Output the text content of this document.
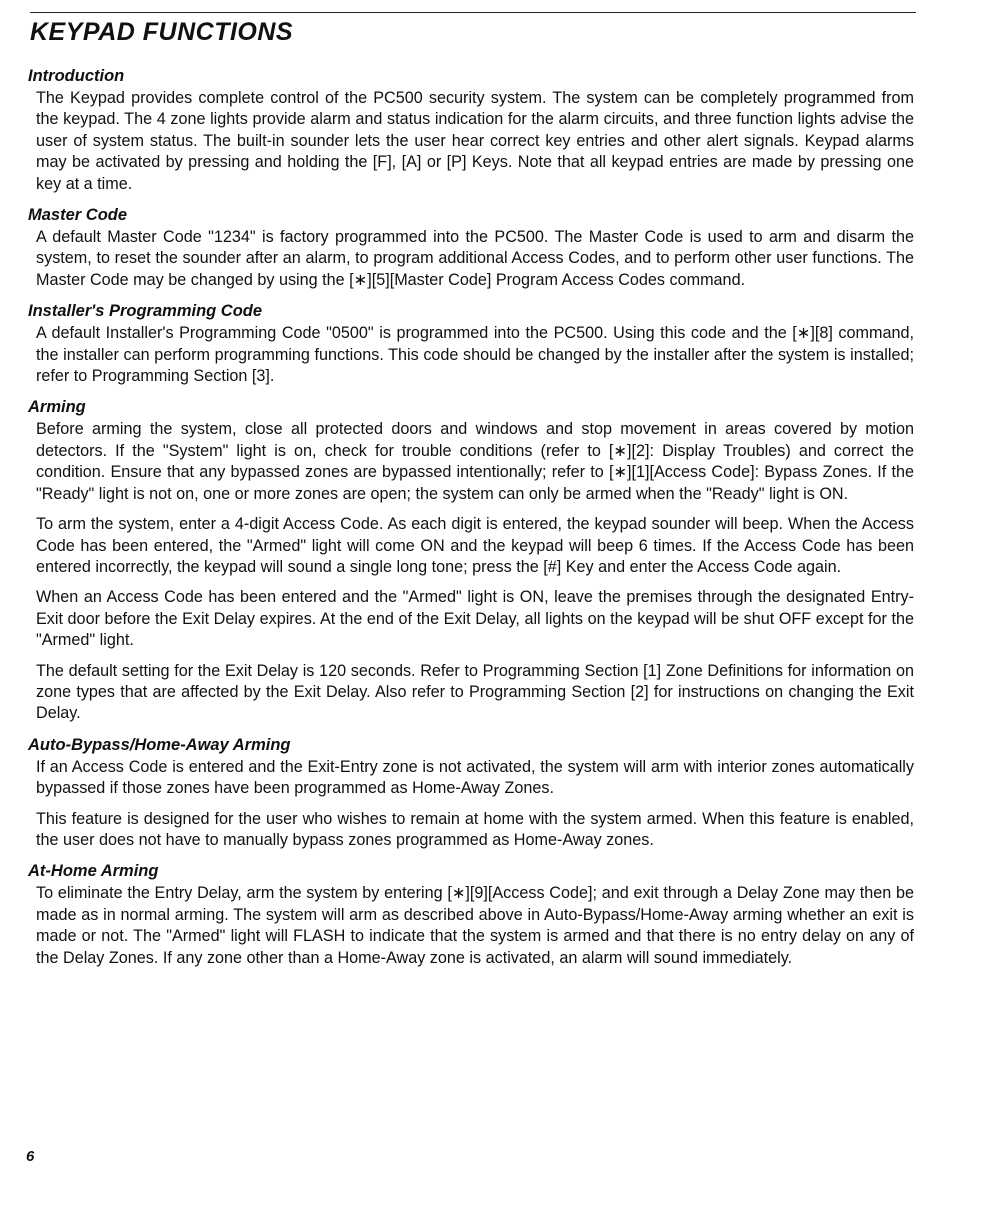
KEYPAD FUNCTIONS
Introduction

The Keypad provides complete control of the PC500 security system. The system can be completely programmed from the keypad. The 4 zone lights provide alarm and status indication for the alarm circuits, and three function lights advise the user of system status. The built-in sounder lets the user hear correct key entries and other alert signals. Keypad alarms may be activated by pressing and holding the [F], [A] or [P] Keys. Note that all keypad entries are made by pressing one key at a time.

Master Code

A default Master Code "1234" is factory programmed into the PC500. The Master Code is used to arm and disarm the system, to reset the sounder after an alarm, to program additional Access Codes, and to perform other user functions. The Master Code may be changed by using the [∗][5][Master Code] Program Access Codes command.

Installer's Programming Code

A default Installer's Programming Code "0500" is programmed into the PC500. Using this code and the [∗][8] command, the installer can perform programming functions. This code should be changed by the installer after the system is installed; refer to Programming Section [3].

Arming

Before arming the system, close all protected doors and windows and stop movement in areas covered by motion detectors. If the "System" light is on, check for trouble conditions (refer to [∗][2]: Display Troubles) and correct the condition. Ensure that any bypassed zones are bypassed intentionally; refer to [∗][1][Access Code]: Bypass Zones. If the "Ready" light is not on, one or more zones are open; the system can only be armed when the "Ready" light is ON.

To arm the system, enter a 4-digit Access Code. As each digit is entered, the keypad sounder will beep. When the Access Code has been entered, the "Armed" light will come ON and the keypad will beep 6 times. If the Access Code has been entered incorrectly, the keypad will sound a single long tone; press the [#] Key and enter the Access Code again.

When an Access Code has been entered and the "Armed" light is ON, leave the premises through the designated Entry-Exit door before the Exit Delay expires. At the end of the Exit Delay, all lights on the keypad will be shut OFF except for the "Armed" light.

The default setting for the Exit Delay is 120 seconds. Refer to Programming Section [1] Zone Definitions for information on zone types that are affected by the Exit Delay. Also refer to Programming Section [2] for instructions on changing the Exit Delay.

Auto-Bypass/Home-Away Arming

If an Access Code is entered and the Exit-Entry zone is not activated, the system will arm with interior zones automatically bypassed if those zones have been programmed as Home-Away Zones.

This feature is designed for the user who wishes to remain at home with the system armed. When this feature is enabled, the user does not have to manually bypass zones programmed as Home-Away zones.

At-Home Arming

To eliminate the Entry Delay, arm the system by entering [∗][9][Access Code]; and exit through a Delay Zone may then be made as in normal arming. The system will arm as described above in Auto-Bypass/Home-Away arming whether an exit is made or not. The "Armed" light will FLASH to indicate that the system is armed and that there is no entry delay on any of the Delay Zones. If any zone other than a Home-Away zone is activated, an alarm will sound immediately.

6
